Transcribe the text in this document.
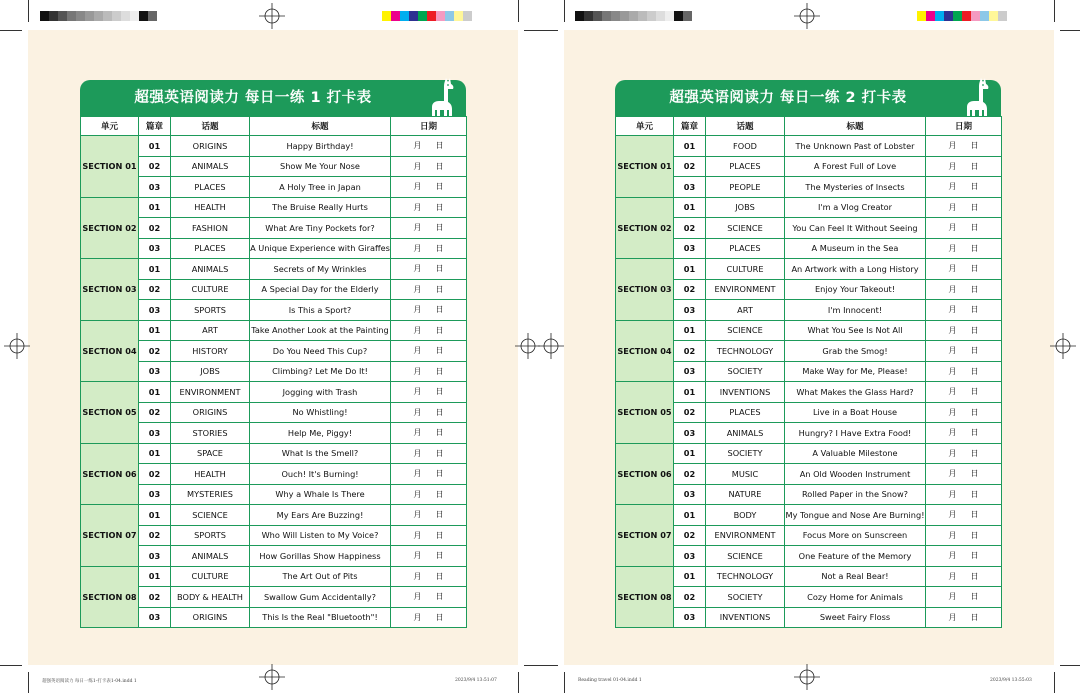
超强英语阅读力 每日一练1-打卡表1-04.indd 1	2023/9/4 13:51:07
超强英语阅读力 每日一练 1 打卡表
单元	篇章	话题	标题	日期
SECTION 01	01	ORIGINS	Happy Birthday!	月 日
	02	ANIMALS	Show Me Your Nose	月 日
	03	PLACES	A Holy Tree in Japan	月 日
SECTION 02	01	HEALTH	The Bruise Really Hurts	月 日
	02	FASHION	What Are Tiny Pockets for?	月 日
	03	PLACES	A Unique Experience with Giraffes	月 日
SECTION 03	01	ANIMALS	Secrets of My Wrinkles	月 日
	02	CULTURE	A Special Day for the Elderly	月 日
	03	SPORTS	Is This a Sport?	月 日
SECTION 04	01	ART	Take Another Look at the Painting	月 日
	02	HISTORY	Do You Need This Cup?	月 日
	03	JOBS	Climbing? Let Me Do It!	月 日
SECTION 05	01	ENVIRONMENT	Jogging with Trash	月 日
	02	ORIGINS	No Whistling!	月 日
	03	STORIES	Help Me, Piggy!	月 日
SECTION 06	01	SPACE	What Is the Smell?	月 日
	02	HEALTH	Ouch! It's Burning!	月 日
	03	MYSTERIES	Why a Whale Is There	月 日
SECTION 07	01	SCIENCE	My Ears Are Buzzing!	月 日
	02	SPORTS	Who Will Listen to My Voice?	月 日
	03	ANIMALS	How Gorillas Show Happiness	月 日
SECTION 08	01	CULTURE	The Art Out of Pits	月 日
	02	BODY & HEALTH	Swallow Gum Accidentally?	月 日
	03	ORIGINS	This Is the Real "Bluetooth"!	月 日
Reading travel 01-04.indd 1	2023/9/4 13:55:03
超强英语阅读力 每日一练 2 打卡表
单元	篇章	话题	标题	日期
SECTION 01	01	FOOD	The Unknown Past of Lobster	月 日
	02	PLACES	A Forest Full of Love	月 日
	03	PEOPLE	The Mysteries of Insects	月 日
SECTION 02	01	JOBS	I'm a Vlog Creator	月 日
	02	SCIENCE	You Can Feel It Without Seeing	月 日
	03	PLACES	A Museum in the Sea	月 日
SECTION 03	01	CULTURE	An Artwork with a Long History	月 日
	02	ENVIRONMENT	Enjoy Your Takeout!	月 日
	03	ART	I'm Innocent!	月 日
SECTION 04	01	SCIENCE	What You See Is Not All	月 日
	02	TECHNOLOGY	Grab the Smog!	月 日
	03	SOCIETY	Make Way for Me, Please!	月 日
SECTION 05	01	INVENTIONS	What Makes the Glass Hard?	月 日
	02	PLACES	Live in a Boat House	月 日
	03	ANIMALS	Hungry? I Have Extra Food!	月 日
SECTION 06	01	SOCIETY	A Valuable Milestone	月 日
	02	MUSIC	An Old Wooden Instrument	月 日
	03	NATURE	Rolled Paper in the Snow?	月 日
SECTION 07	01	BODY	My Tongue and Nose Are Burning!	月 日
	02	ENVIRONMENT	Focus More on Sunscreen	月 日
	03	SCIENCE	One Feature of the Memory	月 日
SECTION 08	01	TECHNOLOGY	Not a Real Bear!	月 日
	02	SOCIETY	Cozy Home for Animals	月 日
	03	INVENTIONS	Sweet Fairy Floss	月 日
